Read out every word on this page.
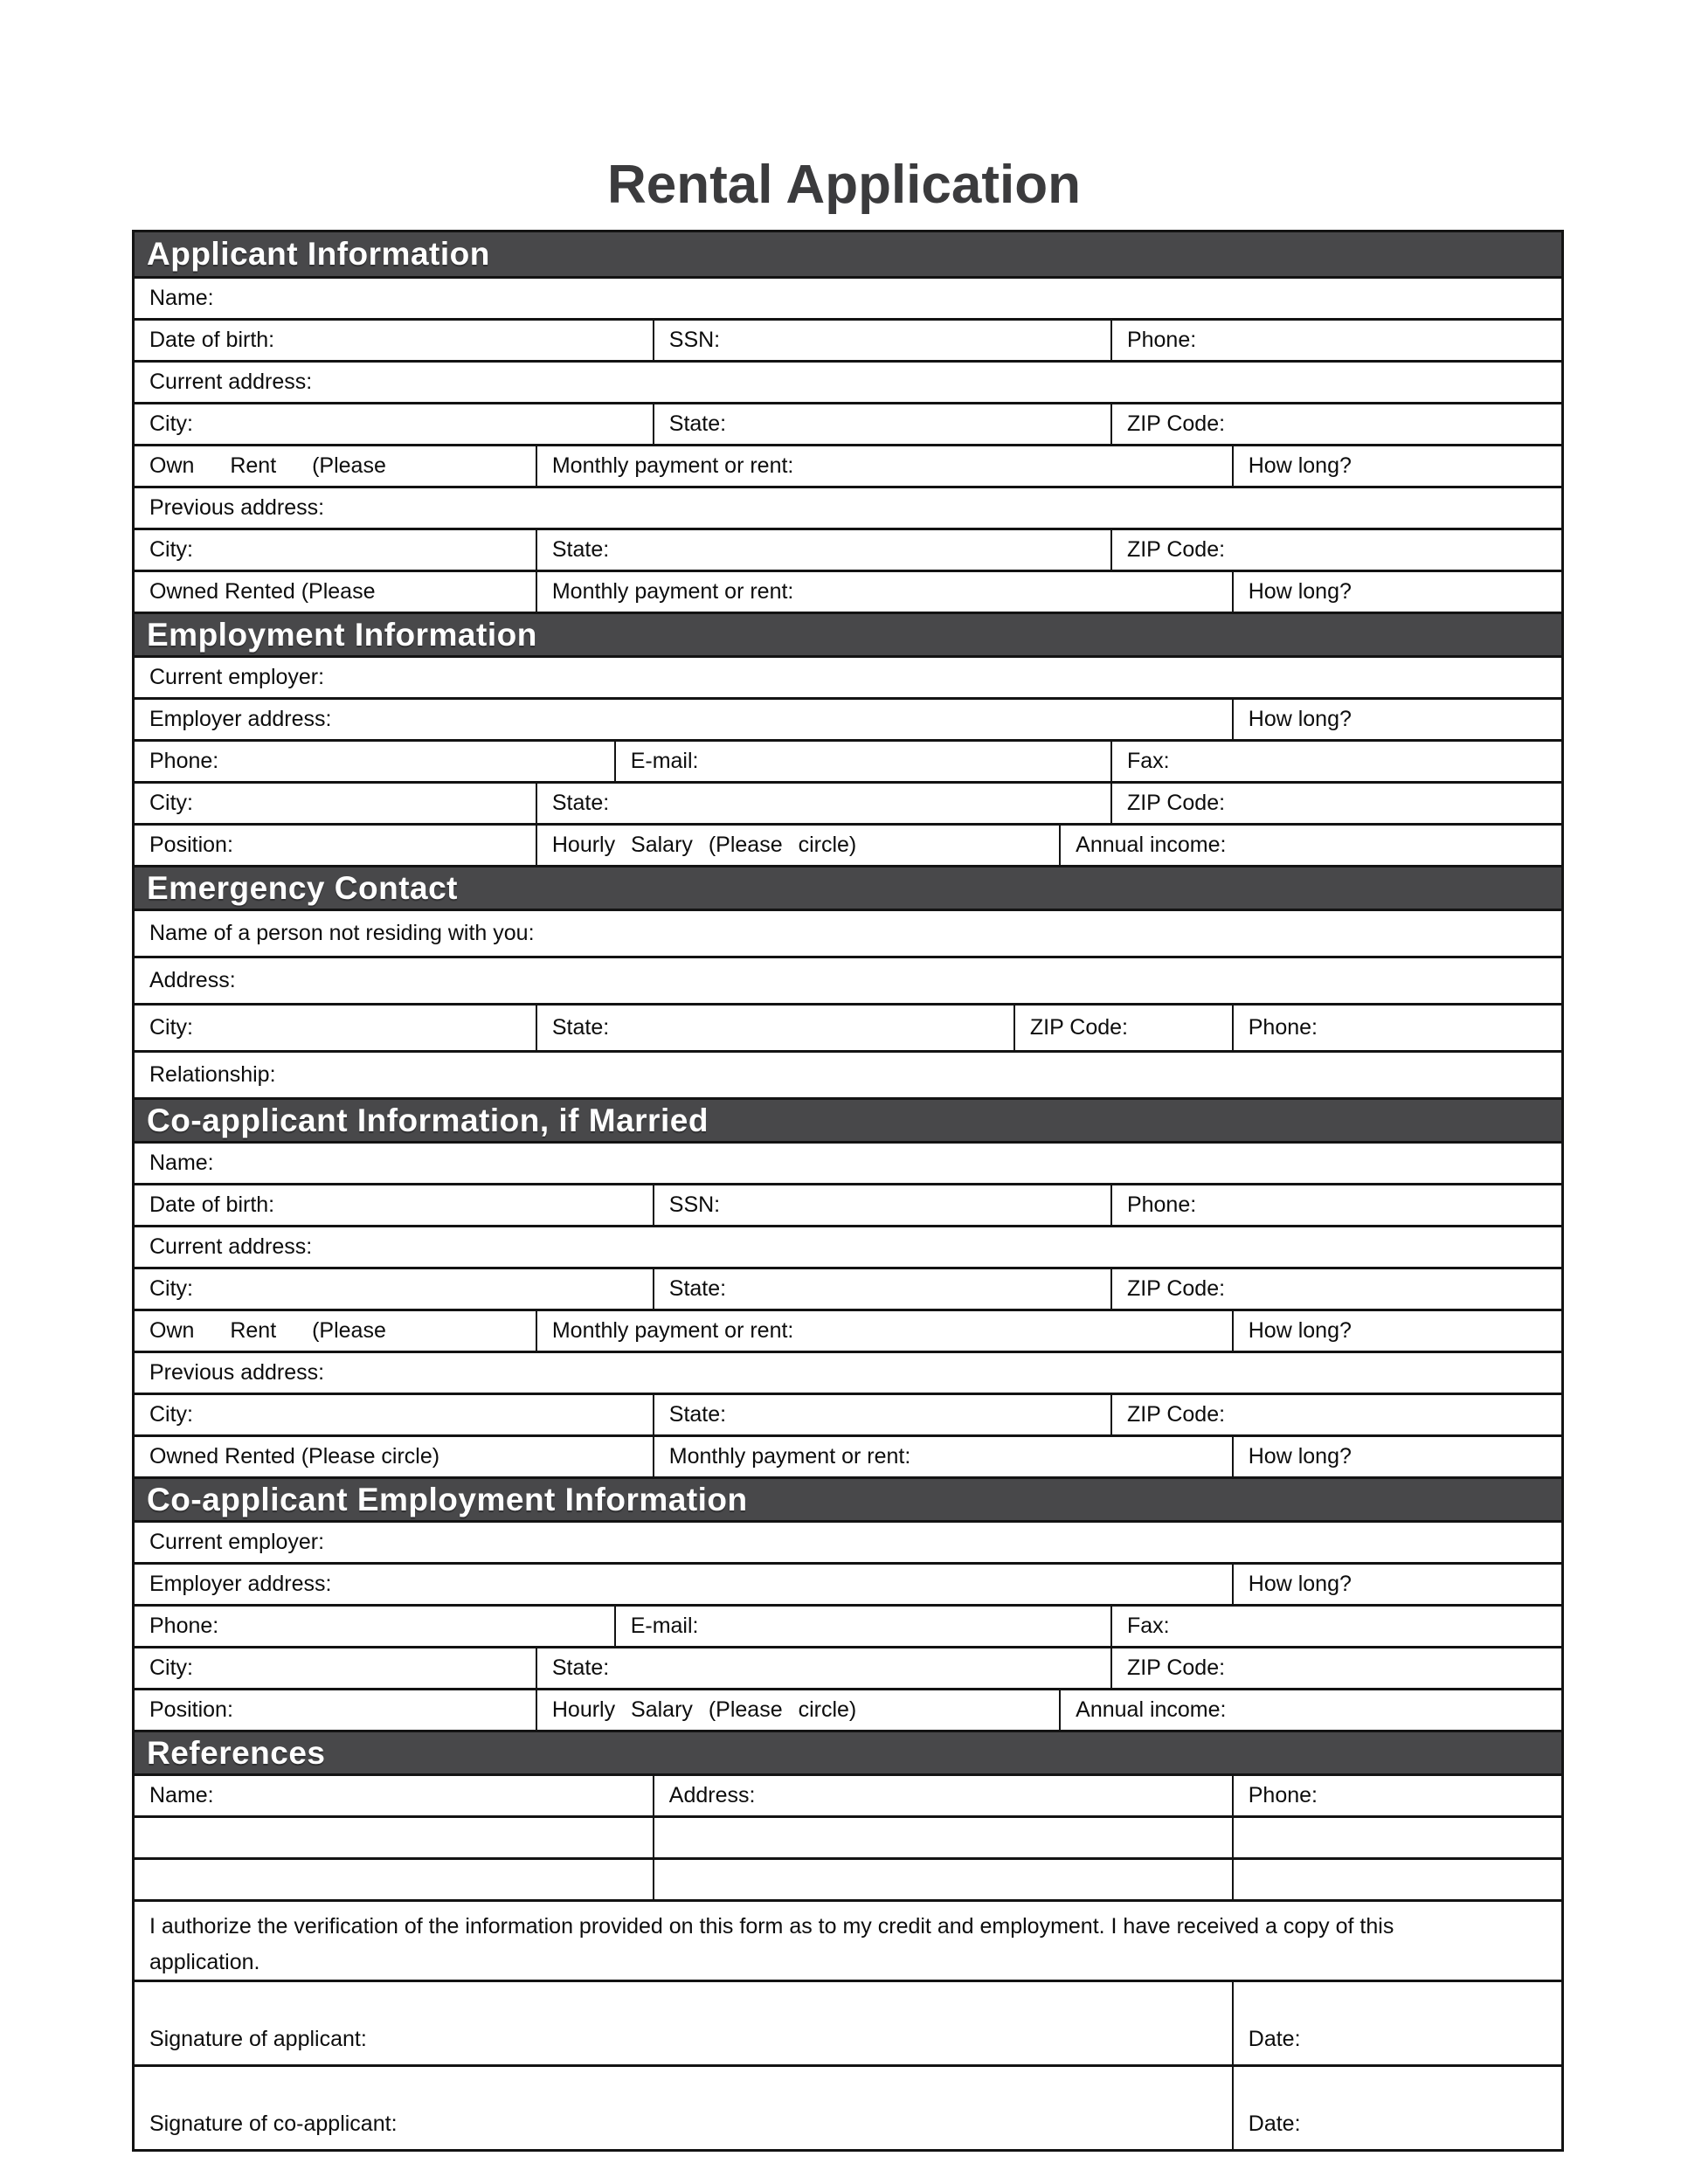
Rental Application
Applicant Information
Name:
Date of birth:	SSN:	Phone:
Current address:
City:	State:	ZIP Code:
Own Rent (Please	Monthly payment or rent:	How long?
Previous address:
City:	State:	ZIP Code:
Owned Rented (Please	Monthly payment or rent:	How long?
Employment Information
Current employer:
Employer address:	How long?
Phone:	E-mail:	Fax:
City:	State:	ZIP Code:
Position:	Hourly Salary (Please circle)	Annual income:
Emergency Contact
Name of a person not residing with you:
Address:
City:	State:	ZIP Code:	Phone:
Relationship:
Co-applicant Information, if Married
Name:
Date of birth:	SSN:	Phone:
Current address:
City:	State:	ZIP Code:
Own Rent (Please	Monthly payment or rent:	How long?
Previous address:
City:	State:	ZIP Code:
Owned Rented (Please circle)	Monthly payment or rent:	How long?
Co-applicant Employment Information
Current employer:
Employer address:	How long?
Phone:	E-mail:	Fax:
City:	State:	ZIP Code:
Position:	Hourly Salary (Please circle)	Annual income:
References
Name:	Address:	Phone:
I authorize the verification of the information provided on this form as to my credit and employment. I have received a copy of this application.
Signature of applicant:	Date:
Signature of co-applicant:	Date:
